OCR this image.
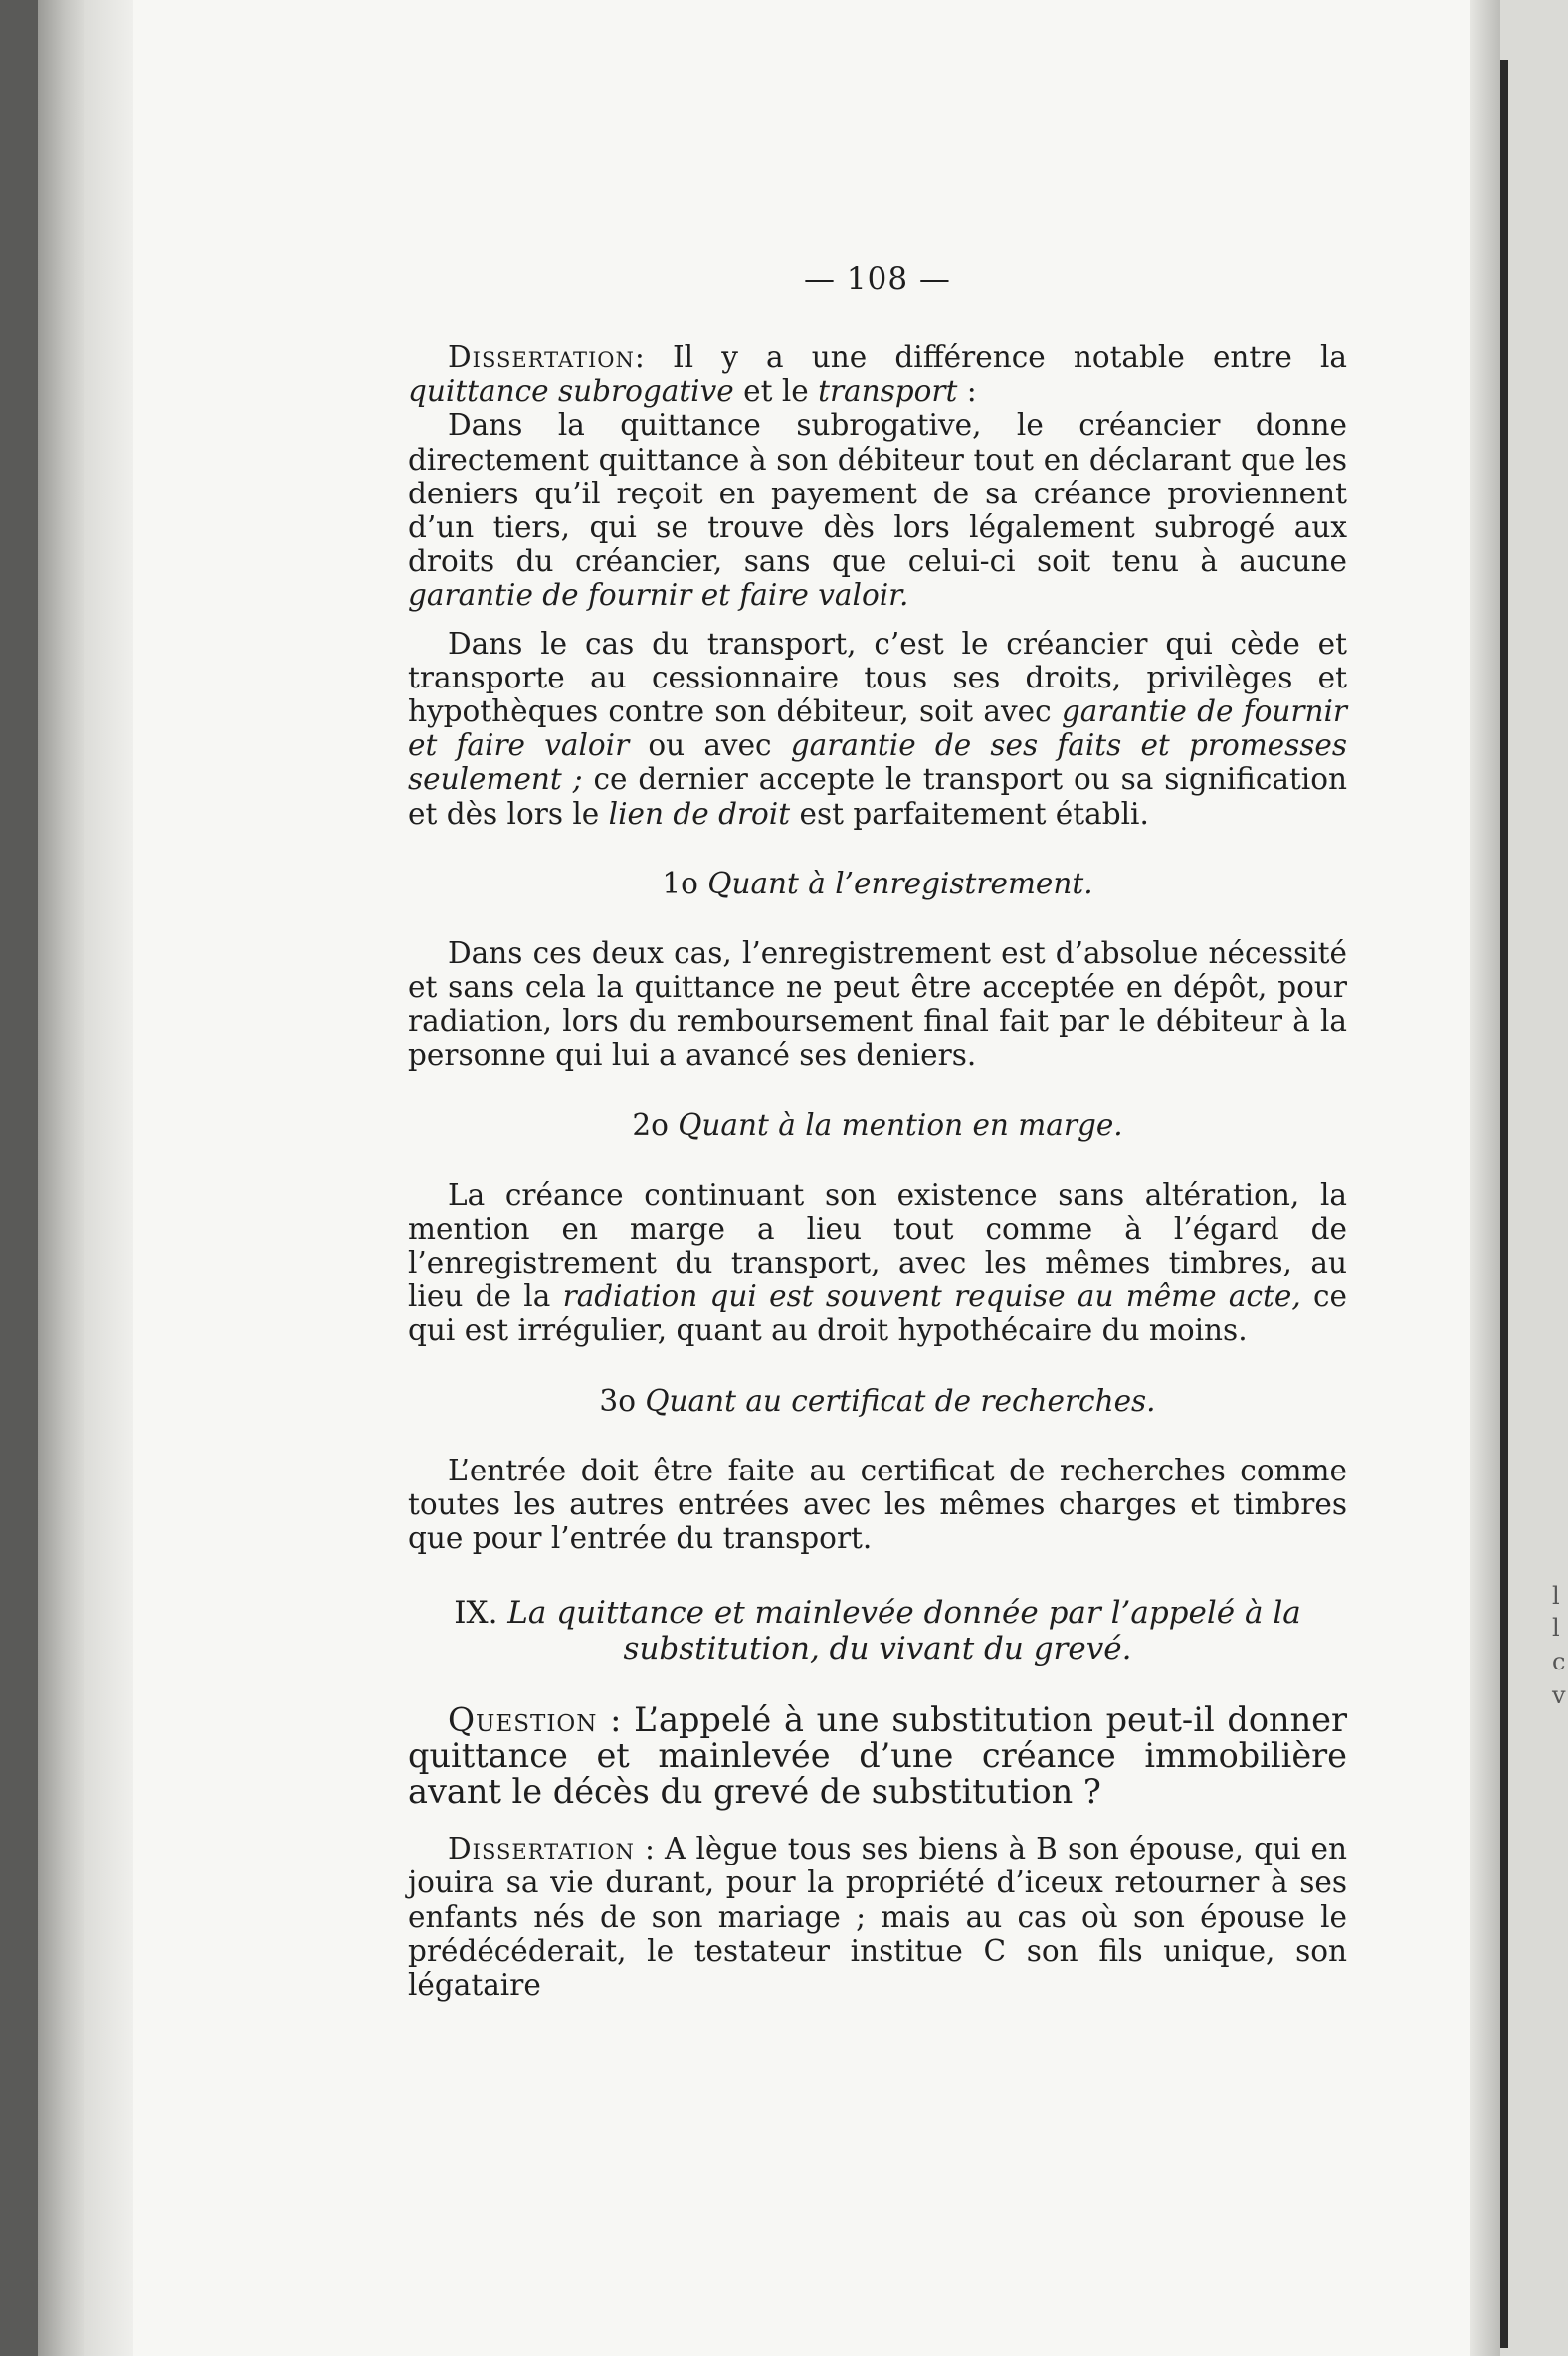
l
l
c
v
— 108 —

Dissertation: Il y a une différence notable entre la quittance subrogative et le transport :

Dans la quittance subrogative, le créancier donne directement quittance à son débiteur tout en déclarant que les deniers qu’il reçoit en payement de sa créance proviennent d’un tiers, qui se trouve dès lors légalement subrogé aux droits du créancier, sans que celui-ci soit tenu à aucune garantie de fournir et faire valoir.

Dans le cas du transport, c’est le créancier qui cède et transporte au cessionnaire tous ses droits, privilèges et hypothèques contre son débiteur, soit avec garantie de fournir et faire valoir ou avec garantie de ses faits et promesses seulement ; ce dernier accepte le transport ou sa signification et dès lors le lien de droit est parfaitement établi.

1o Quant à l’enregistrement.

Dans ces deux cas, l’enregistrement est d’absolue nécessité et sans cela la quittance ne peut être acceptée en dépôt, pour radiation, lors du remboursement final fait par le débiteur à la personne qui lui a avancé ses deniers.

2o Quant à la mention en marge.

La créance continuant son existence sans altération, la mention en marge a lieu tout comme à l’égard de l’enregistrement du transport, avec les mêmes timbres, au lieu de la radiation qui est souvent requise au même acte, ce qui est irrégulier, quant au droit hypothécaire du moins.

3o Quant au certificat de recherches.

L’entrée doit être faite au certificat de recherches comme toutes les autres entrées avec les mêmes charges et timbres que pour l’entrée du transport.

IX. La quittance et mainlevée donnée par l’appelé à la substitution, du vivant du grevé.

Question : L’appelé à une substitution peut-il donner quittance et mainlevée d’une créance immobilière avant le décès du grevé de substitution ?

Dissertation : A lègue tous ses biens à B son épouse, qui en jouira sa vie durant, pour la propriété d’iceux retourner à ses enfants nés de son mariage ; mais au cas où son épouse le prédécéderait, le testateur institue C son fils unique, son légataire
